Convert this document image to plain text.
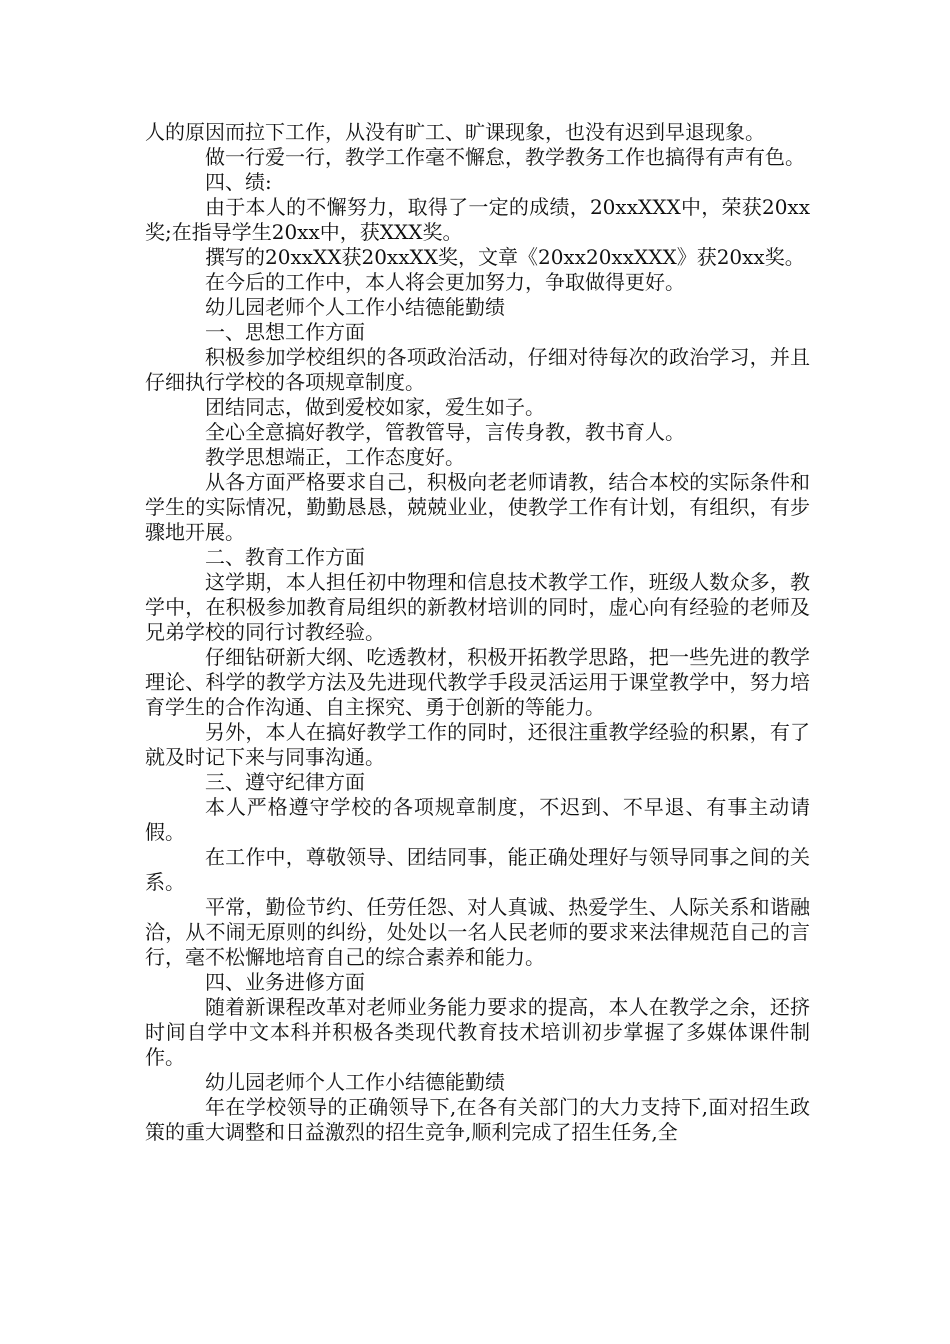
人的原因而拉下工作，从没有旷工、旷课现象，也没有迟到早退现象。

做一行爱一行，教学工作毫不懈怠，教学教务工作也搞得有声有色。

四、绩:

由于本人的不懈努力，取得了一定的成绩，20xxXXX中，荣获20xx奖;在指导学生20xx中，获XXX奖。

撰写的20xxXX获20xxXX奖，文章《20xx20xxXXX》获20xx奖。

在今后的工作中，本人将会更加努力，争取做得更好。

幼儿园老师个人工作小结德能勤绩

一、思想工作方面

积极参加学校组织的各项政治活动，仔细对待每次的政治学习，并且仔细执行学校的各项规章制度。

团结同志，做到爱校如家，爱生如子。

全心全意搞好教学，管教管导，言传身教，教书育人。

教学思想端正，工作态度好。

从各方面严格要求自己，积极向老老师请教，结合本校的实际条件和学生的实际情况，勤勤恳恳，兢兢业业，使教学工作有计划，有组织，有步骤地开展。

二、教育工作方面

这学期，本人担任初中物理和信息技术教学工作，班级人数众多，教学中，在积极参加教育局组织的新教材培训的同时，虚心向有经验的老师及兄弟学校的同行讨教经验。

仔细钻研新大纲、吃透教材，积极开拓教学思路，把一些先进的教学理论、科学的教学方法及先进现代教学手段灵活运用于课堂教学中，努力培育学生的合作沟通、自主探究、勇于创新的等能力。

另外，本人在搞好教学工作的同时，还很注重教学经验的积累，有了就及时记下来与同事沟通。

三、遵守纪律方面

本人严格遵守学校的各项规章制度，不迟到、不早退、有事主动请假。

在工作中，尊敬领导、团结同事，能正确处理好与领导同事之间的关系。

平常，勤俭节约、任劳任怨、对人真诚、热爱学生、人际关系和谐融洽，从不闹无原则的纠纷，处处以一名人民老师的要求来法律规范自己的言行，毫不松懈地培育自己的综合素养和能力。

四、业务进修方面

随着新课程改革对老师业务能力要求的提高，本人在教学之余，还挤时间自学中文本科并积极各类现代教育技术培训初步掌握了多媒体课件制作。

幼儿园老师个人工作小结德能勤绩

年在学校领导的正确领导下,在各有关部门的大力支持下,面对招生政策的重大调整和日益激烈的招生竞争,顺利完成了招生任务,全
